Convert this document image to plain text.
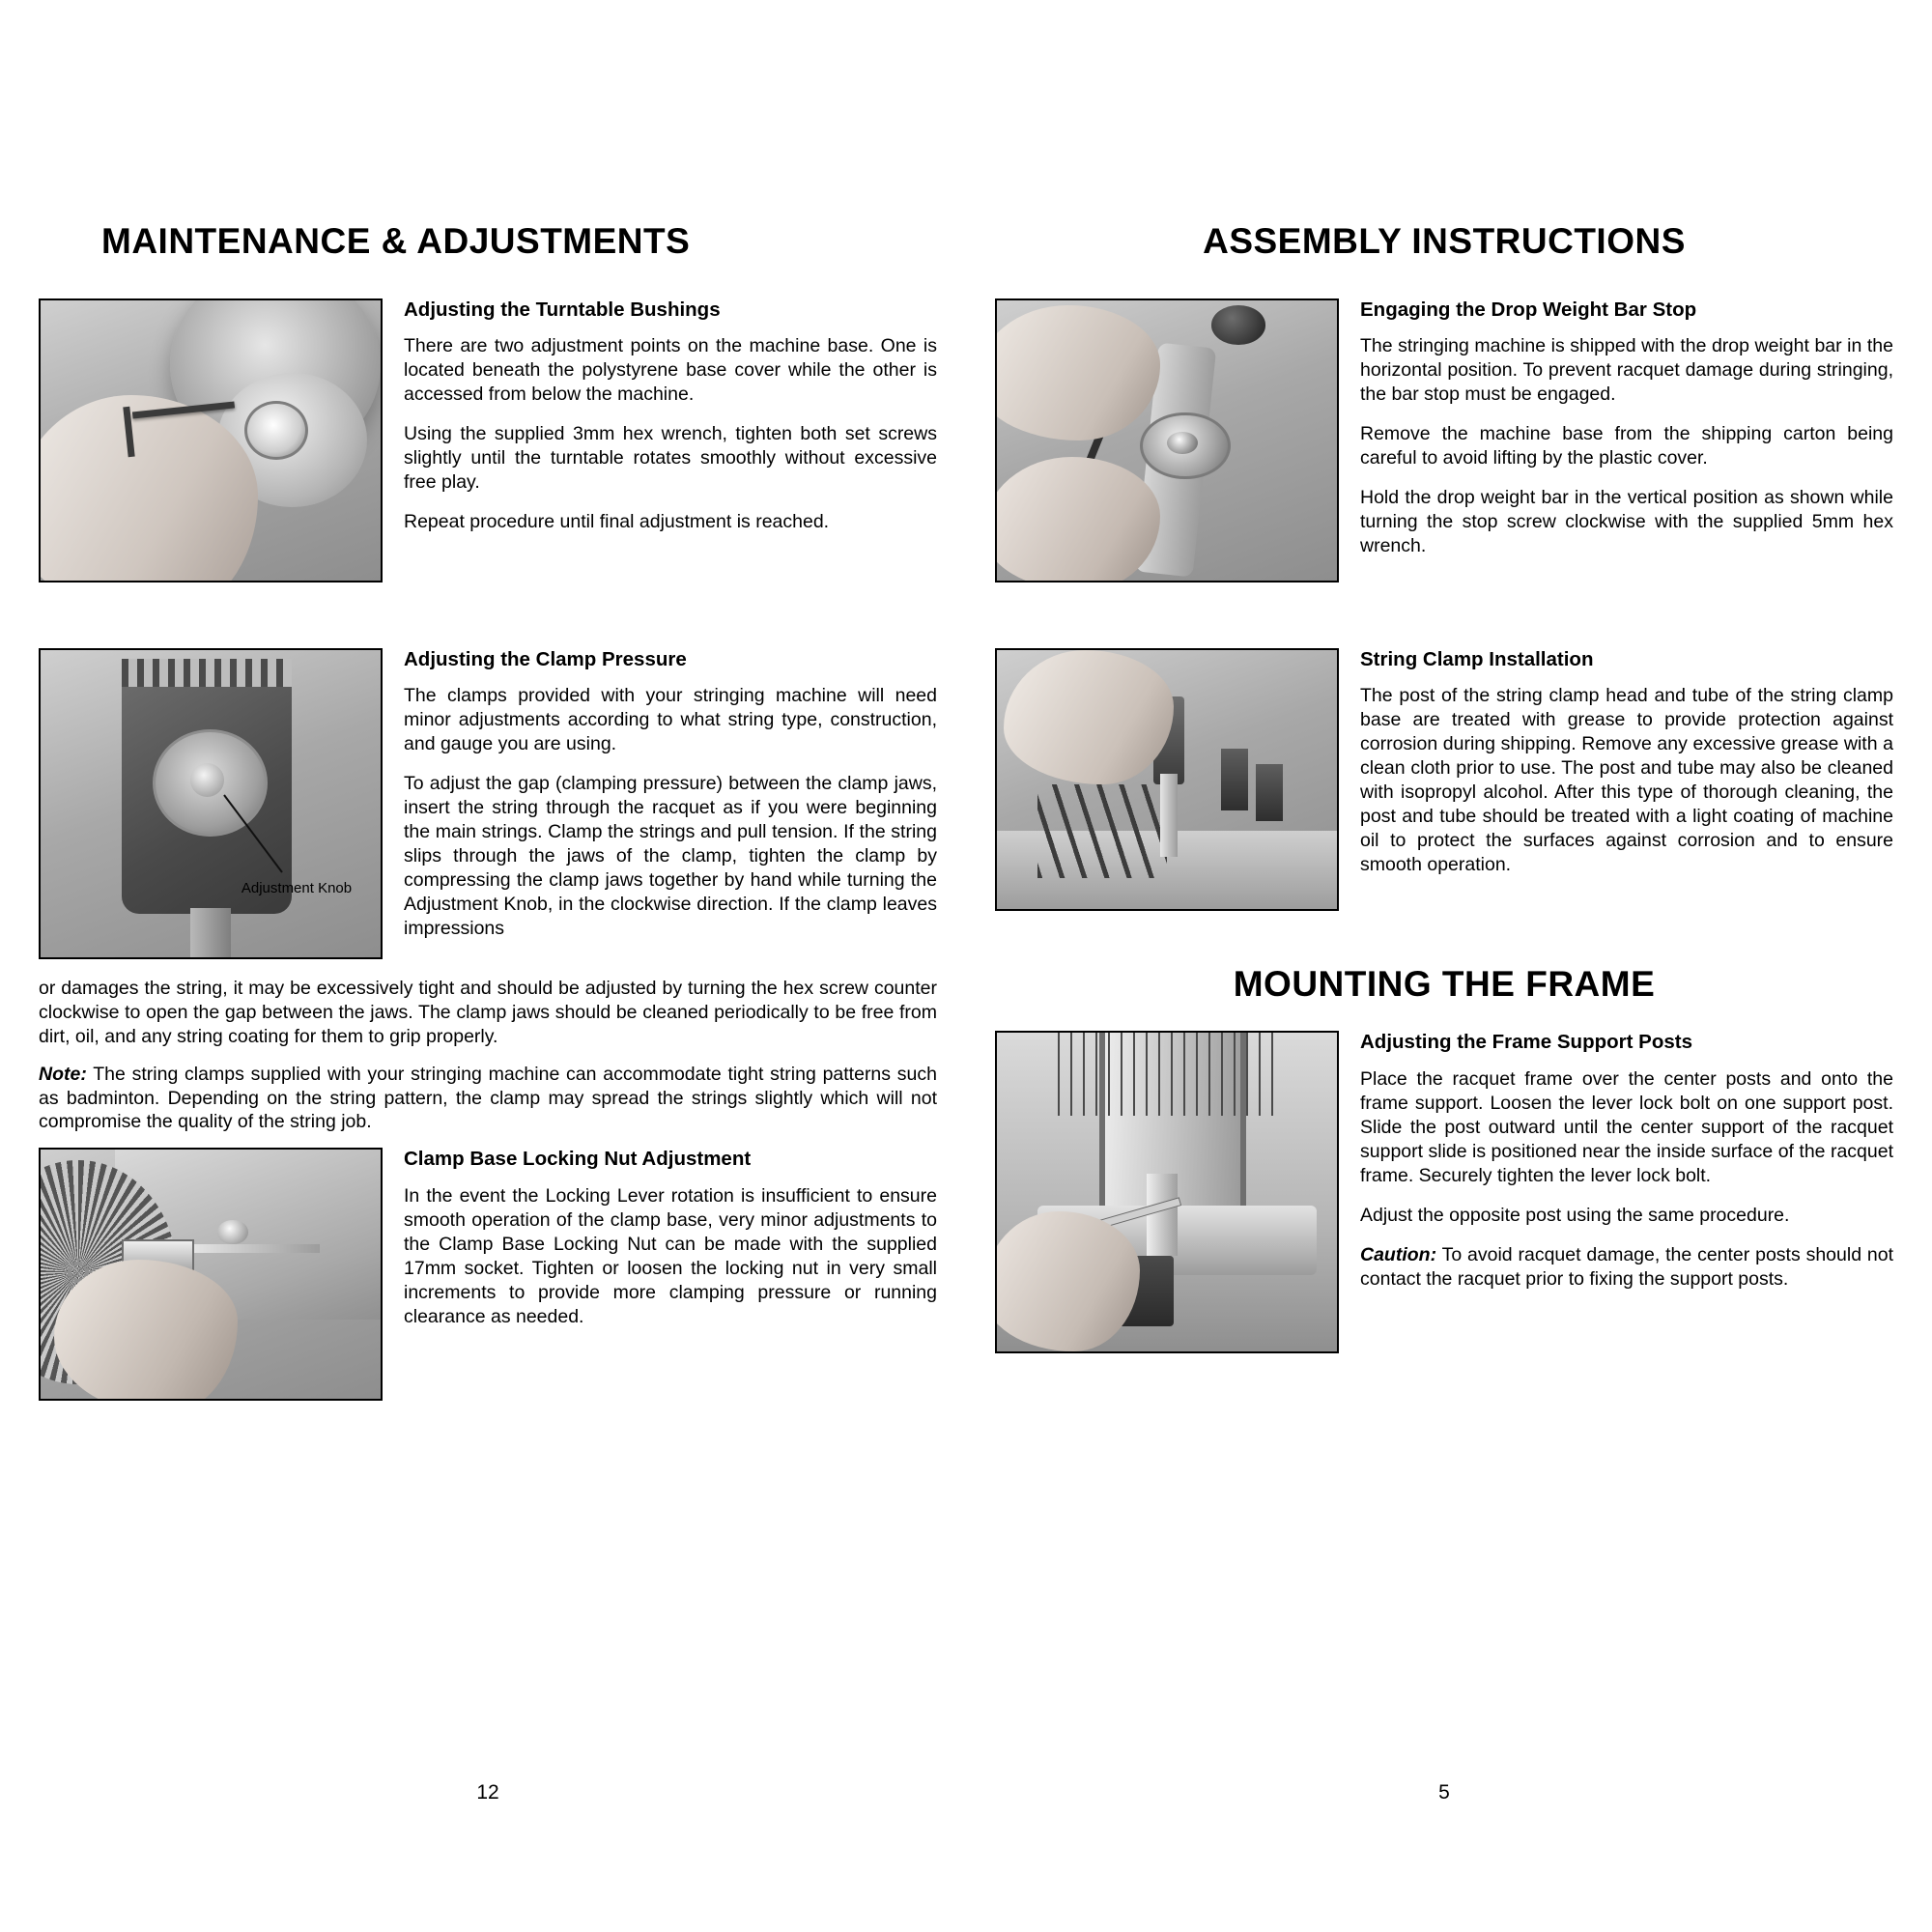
MAINTENANCE & ADJUSTMENTS
Adjusting the Turntable Bushings

There are two adjustment points on the machine base. One is located beneath the polystyrene base cover while the other is accessed from below the machine.

Using the supplied 3mm hex wrench, tighten both set screws slightly until the turntable rotates smoothly without excessive free play.

Repeat procedure until final adjustment is reached.

Adjustment Knob
Adjusting the Clamp Pressure

The clamps provided with your stringing machine will need minor adjustments according to what string type, construction, and gauge you are using.

To adjust the gap (clamping pressure) between the clamp jaws, insert the string through the racquet as if you were beginning the main strings. Clamp the strings and pull tension. If the string slips through the jaws of the clamp, tighten the clamp by compressing the clamp jaws together by hand while turning the Adjustment Knob, in the clockwise direction. If the clamp leaves impressions

or damages the string, it may be excessively tight and should be adjusted by turning the hex screw counter clockwise to open the gap between the jaws. The clamp jaws should be cleaned periodically to be free from dirt, oil, and any string coating for them to grip properly.

Note: The string clamps supplied with your stringing machine can accommodate tight string patterns such as badminton. Depending on the string pattern, the clamp may spread the strings slightly which will not compromise the quality of the string job.

Clamp Base Locking Nut Adjustment

In the event the Locking Lever rotation is insufficient to ensure smooth operation of the clamp base, very minor adjustments to the Clamp Base Locking Nut can be made with the supplied 17mm socket. Tighten or loosen the locking nut in very small increments to provide more clamping pressure or running clearance as needed.

12
ASSEMBLY INSTRUCTIONS
Engaging the Drop Weight Bar Stop

The stringing machine is shipped with the drop weight bar in the horizontal position. To prevent racquet damage during stringing, the bar stop must be engaged.

Remove the machine base from the shipping carton being careful to avoid lifting by the plastic cover.

Hold the drop weight bar in the vertical position as shown while turning the stop screw clockwise with the supplied 5mm hex wrench.

String Clamp Installation

The post of the string clamp head and tube of the string clamp base are treated with grease to provide protection against corrosion during shipping. Remove any excessive grease with a clean cloth prior to use. The post and tube may also be cleaned with isopropyl alcohol. After this type of thorough cleaning, the post and tube should be treated with a light coating of machine oil to protect the surfaces against corrosion and to ensure smooth operation.

MOUNTING THE FRAME
Adjusting the Frame Support Posts

Place the racquet frame over the center posts and onto the frame support. Loosen the lever lock bolt on one support post. Slide the post outward until the center support of the racquet support slide is positioned near the inside surface of the racquet frame. Securely tighten the lever lock bolt.

Adjust the opposite post using the same procedure.

Caution: To avoid racquet damage, the center posts should not contact the racquet prior to fixing the support posts.

5
